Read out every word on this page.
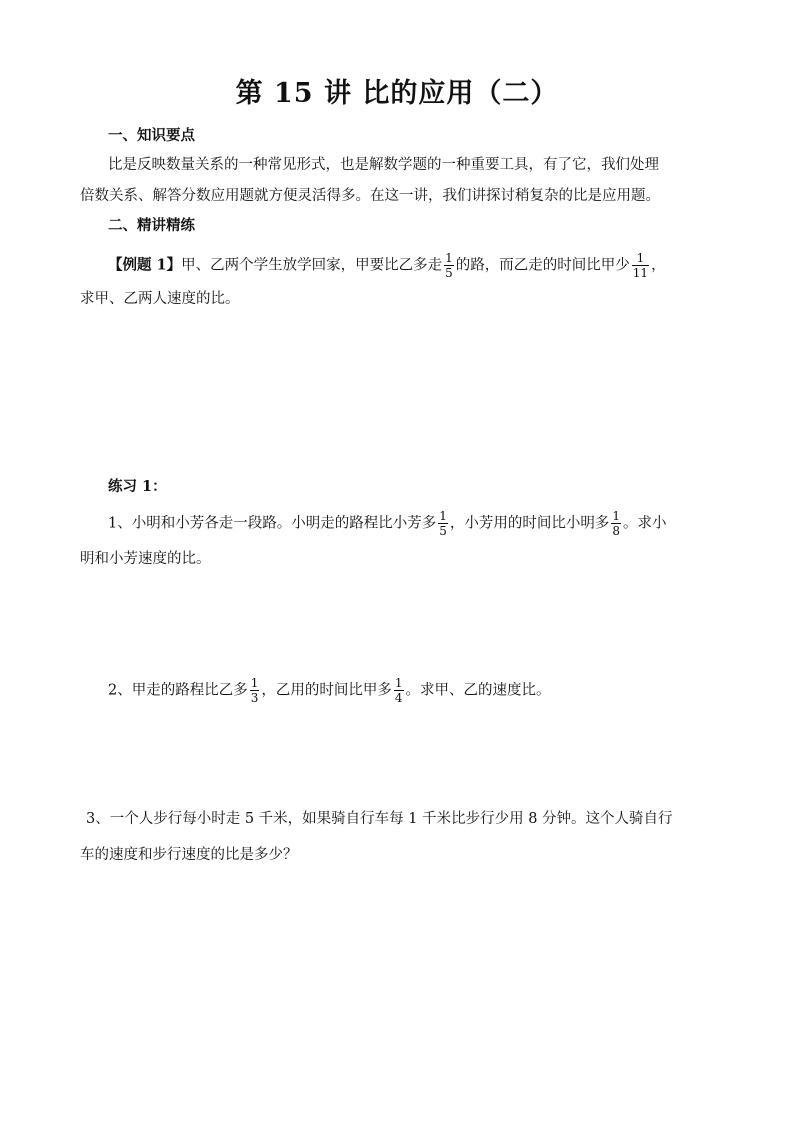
第 15 讲 比的应用（二）
一、知识要点
比是反映数量关系的一种常见形式，也是解数学题的一种重要工具，有了它，我们处理
倍数关系、解答分数应用题就方便灵活得多。在这一讲，我们讲探讨稍复杂的比是应用题。
二、精讲精练
【例题 1】甲、乙两个学生放学回家，甲要比乙多走 $\frac{1}{5}$ 的路，而乙走的时间比甲少 $\frac{1}{11}$ ，
求甲、乙两人速度的比。
练习 1：
1、小明和小芳各走一段路。小明走的路程比小芳多 $\frac{1}{5}$ ，小芳用的时间比小明多 $\frac{1}{8}$ 。求小
明和小芳速度的比。
2、甲走的路程比乙多 $\frac{1}{3}$ ，乙用的时间比甲多 $\frac{1}{4}$ 。求甲、乙的速度比。
3、一个人步行每小时走 5 千米，如果骑自行车每 1 千米比步行少用 8 分钟。这个人骑自行
车的速度和步行速度的比是多少？
